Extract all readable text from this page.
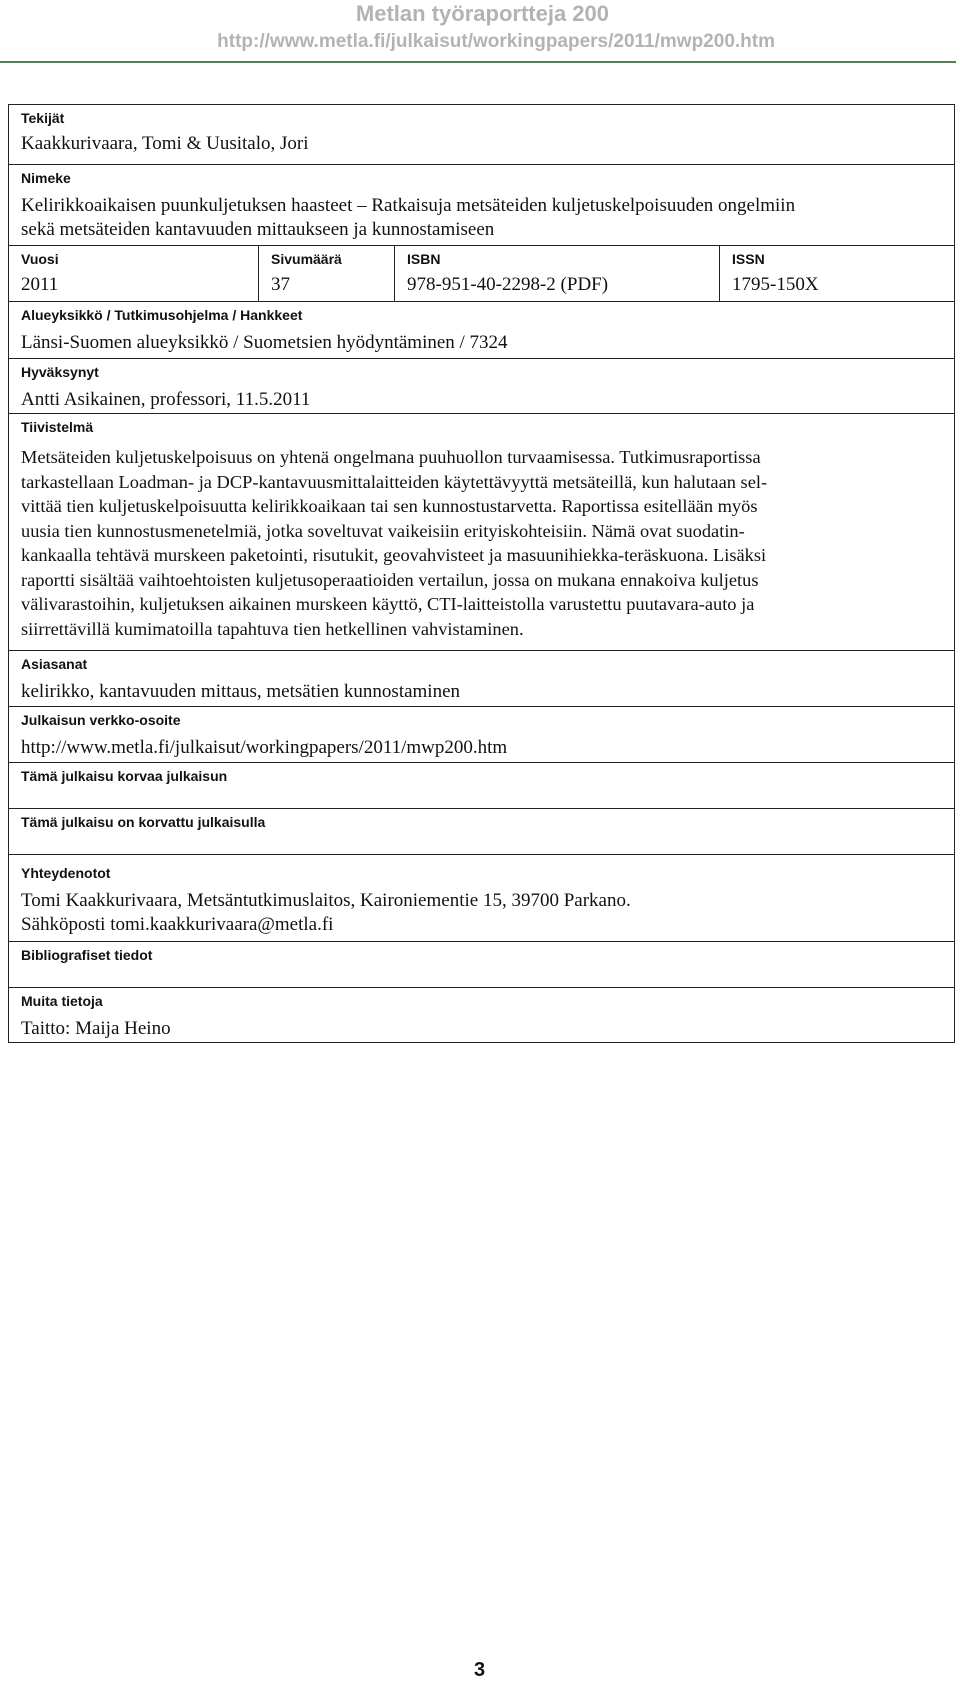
Metlan työraportteja 200
http://www.metla.fi/julkaisut/workingpapers/2011/mwp200.htm
Tekijät
Kaakkurivaara, Tomi & Uusitalo, Jori
Nimeke
Kelirikkoaikaisen puunkuljetuksen haasteet – Ratkaisuja metsäteiden kuljetuskelpoisuuden ongelmiin
sekä metsäteiden kantavuuden mittaukseen ja kunnostamiseen
Vuosi
2011
Sivumäärä
37
ISBN
978-951-40-2298-2 (PDF)
ISSN
1795-150X
Alueyksikkö / Tutkimusohjelma / Hankkeet
Länsi-Suomen alueyksikkö / Suometsien hyödyntäminen / 7324
Hyväksynyt
Antti Asikainen, professori, 11.5.2011
Tiivistelmä
Metsäteiden kuljetuskelpoisuus on yhtenä ongelmana puuhuollon turvaamisessa. Tutkimusraportissa
tarkastellaan Loadman- ja DCP-kantavuusmittalaitteiden käytettävyyttä metsäteillä, kun halutaan sel-
vittää tien kuljetuskelpoisuutta kelirikkoaikaan tai sen kunnostustarvetta. Raportissa esitellään myös
uusia tien kunnostusmenetelmiä, jotka soveltuvat vaikeisiin erityiskohteisiin. Nämä ovat suodatin-
kankaalla tehtävä murskeen paketointi, risutukit, geovahvisteet ja masuunihiekka-teräskuona. Lisäksi
raportti sisältää vaihtoehtoisten kuljetusoperaatioiden vertailun, jossa on mukana ennakoiva kuljetus
välivarastoihin, kuljetuksen aikainen murskeen käyttö, CTI-laitteistolla varustettu puutavara-auto ja
siirrettävillä kumimatoilla tapahtuva tien hetkellinen vahvistaminen.
Asiasanat
kelirikko, kantavuuden mittaus, metsätien kunnostaminen
Julkaisun verkko-osoite
http://www.metla.fi/julkaisut/workingpapers/2011/mwp200.htm
Tämä julkaisu korvaa julkaisun
Tämä julkaisu on korvattu julkaisulla
Yhteydenotot
Tomi Kaakkurivaara, Metsäntutkimuslaitos, Kaironiementie 15, 39700 Parkano.
Sähköposti tomi.kaakkurivaara@metla.fi
Bibliografiset tiedot
Muita tietoja
Taitto: Maija Heino
3
